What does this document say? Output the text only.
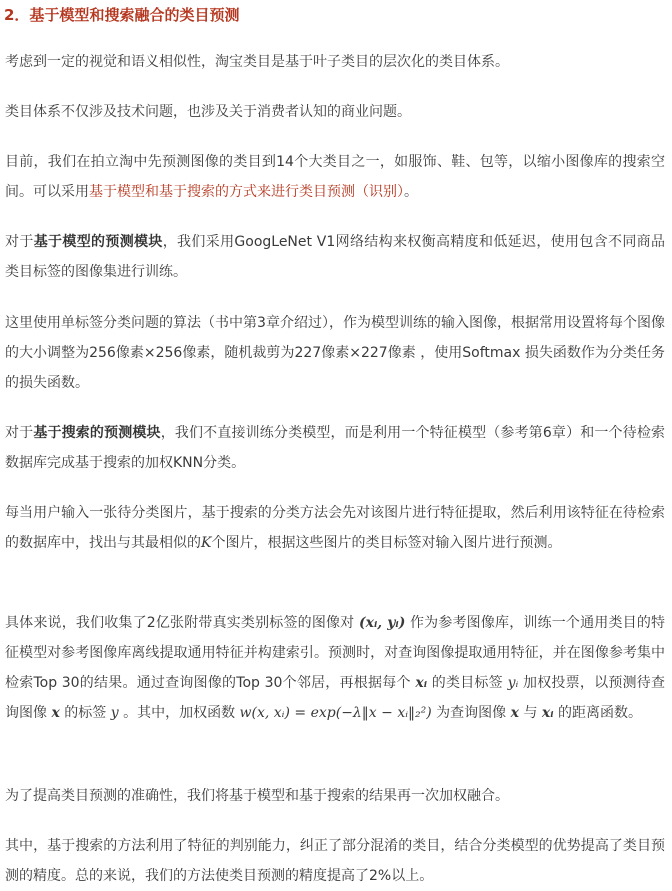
2．基于模型和搜索融合的类目预测

考虑到一定的视觉和语义相似性，淘宝类目是基于叶子类目的层次化的类目体系。

类目体系不仅涉及技术问题，也涉及关于消费者认知的商业问题。

目前，我们在拍立淘中先预测图像的类目到14个大类目之一，如服饰、鞋、包等，以缩小图像库的搜索空间。可以采用基于模型和基于搜索的方式来进行类目预测（识别）。

对于基于模型的预测模块，我们采用GoogLeNet V1网络结构来权衡高精度和低延迟，使用包含不同商品类目标签的图像集进行训练。

这里使用单标签分类问题的算法（书中第3章介绍过），作为模型训练的输入图像，根据常用设置将每个图像的大小调整为256像素×256像素，随机裁剪为227像素×227像素 ，使用Softmax 损失函数作为分类任务的损失函数。

对于基于搜索的预测模块，我们不直接训练分类模型，而是利用一个特征模型（参考第6章）和一个待检索数据库完成基于搜索的加权KNN分类。

每当用户输入一张待分类图片，基于搜索的分类方法会先对该图片进行特征提取，然后利用该特征在待检索的数据库中，找出与其最相似的K个图片，根据这些图片的类目标签对输入图片进行预测。

具体来说，我们收集了2亿张附带真实类别标签的图像对 (xᵢ, yᵢ) 作为参考图像库，训练一个通用类目的特征模型对参考图像库离线提取通用特征并构建索引。预测时，对查询图像提取通用特征，并在图像参考集中检索Top 30的结果。通过查询图像的Top 30个邻居，再根据每个 xᵢ 的类目标签 yᵢ 加权投票，以预测待查询图像 x 的标签 y 。其中，加权函数 w(x, xᵢ) = exp(−λ‖x − xᵢ‖₂²) 为查询图像 x 与 xᵢ 的距离函数。

为了提高类目预测的准确性，我们将基于模型和基于搜索的结果再一次加权融合。

其中，基于搜索的方法利用了特征的判别能力，纠正了部分混淆的类目，结合分类模型的优势提高了类目预测的精度。总的来说，我们的方法使类目预测的精度提高了2%以上。
